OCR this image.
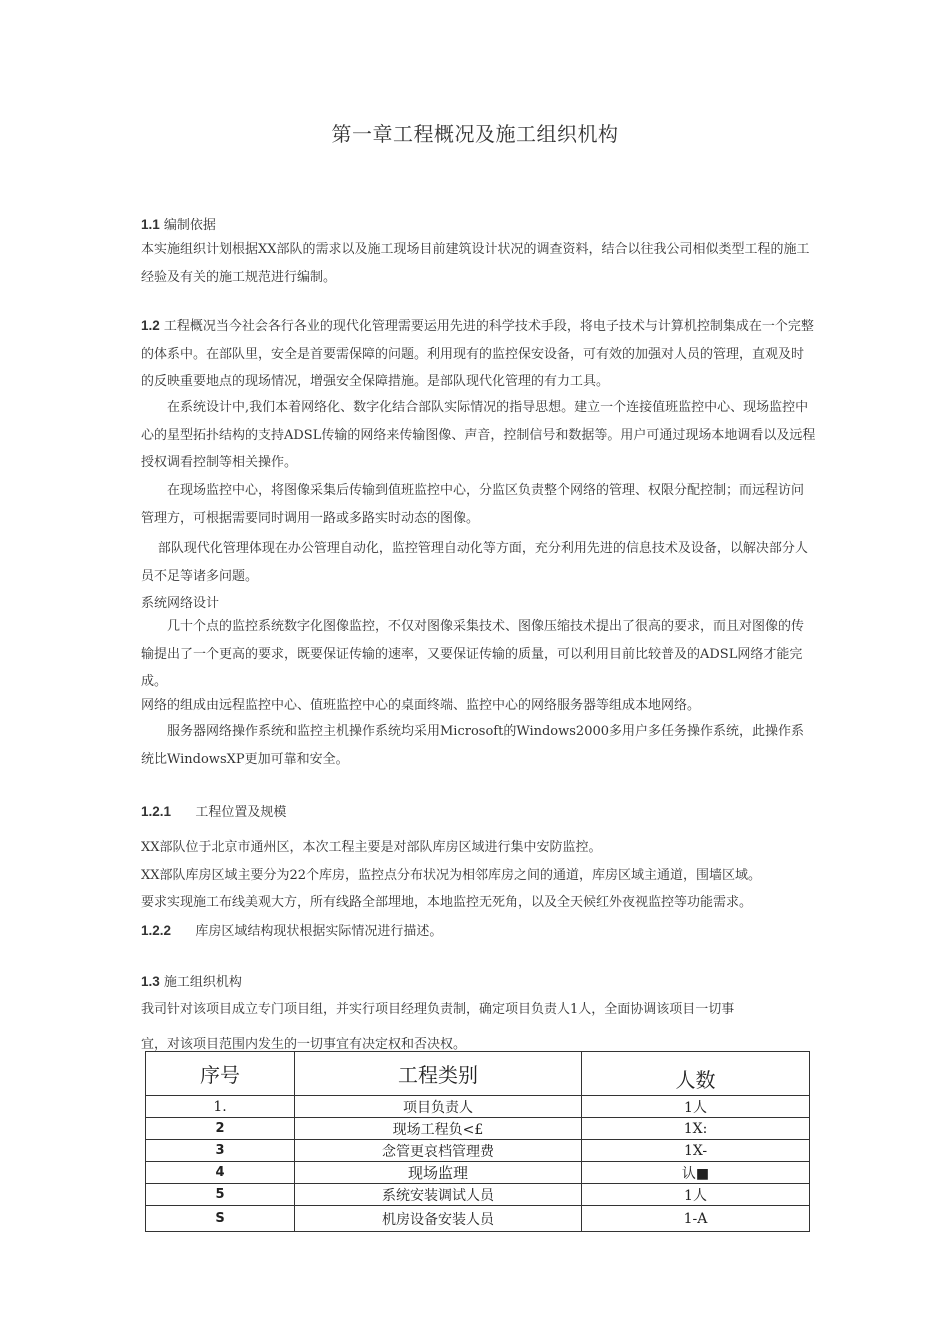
第一章工程概况及施工组织机构
1.1 编制依据
本实施组织计划根据XX部队的需求以及施工现场目前建筑设计状况的调查资料，结合以往我公司相似类型工程的施工经验及有关的施工规范进行编制。
1.2 工程概况当今社会各行各业的现代化管理需要运用先进的科学技术手段，将电子技术与计算机控制集成在一个完整的体系中。在部队里，安全是首要需保障的问题。利用现有的监控保安设备，可有效的加强对人员的管理，直观及时的反映重要地点的现场情况，增强安全保障措施。是部队现代化管理的有力工具。
在系统设计中,我们本着网络化、数字化结合部队实际情况的指导思想。建立一个连接值班监控中心、现场监控中心的星型拓扑结构的支持ADSL传输的网络来传输图像、声音，控制信号和数据等。用户可通过现场本地调看以及远程授权调看控制等相关操作。
在现场监控中心，将图像采集后传输到值班监控中心，分监区负责整个网络的管理、权限分配控制；而远程访问管理方，可根据需要同时调用一路或多路实时动态的图像。
部队现代化管理体现在办公管理自动化，监控管理自动化等方面，充分利用先进的信息技术及设备，以解决部分人员不足等诸多问题。
系统网络设计
几十个点的监控系统数字化图像监控，不仅对图像采集技术、图像压缩技术提出了很高的要求，而且对图像的传输提出了一个更高的要求，既要保证传输的速率，又要保证传输的质量，可以利用目前比较普及的ADSL网络才能完成。
网络的组成由远程监控中心、值班监控中心的桌面终端、监控中心的网络服务器等组成本地网络。
服务器网络操作系统和监控主机操作系统均采用Microsoft的Windows2000多用户多任务操作系统，此操作系统比WindowsXP更加可靠和安全。
1.2.1 工程位置及规模
XX部队位于北京市通州区，本次工程主要是对部队库房区域进行集中安防监控。
XX部队库房区域主要分为22个库房，监控点分布状况为相邻库房之间的通道，库房区域主通道，围墙区域。
要求实现施工布线美观大方，所有线路全部埋地，本地监控无死角，以及全天候红外夜视监控等功能需求。
1.2.2 库房区域结构现状根据实际情况进行描述。
1.3 施工组织机构
我司针对该项目成立专门项目组，并实行项目经理负责制，确定项目负责人1人，全面协调该项目一切事
宜，对该项目范围内发生的一切事宜有决定权和否决权。
序号	工程类别	人数
1.	项目负责人	1人
2	现场工程负<£	1X:
3	念管更哀档管理费	1X-
4	现场监理	认■
5	系统安装调试人员	1人
S	机房设备安装人员	1-A
